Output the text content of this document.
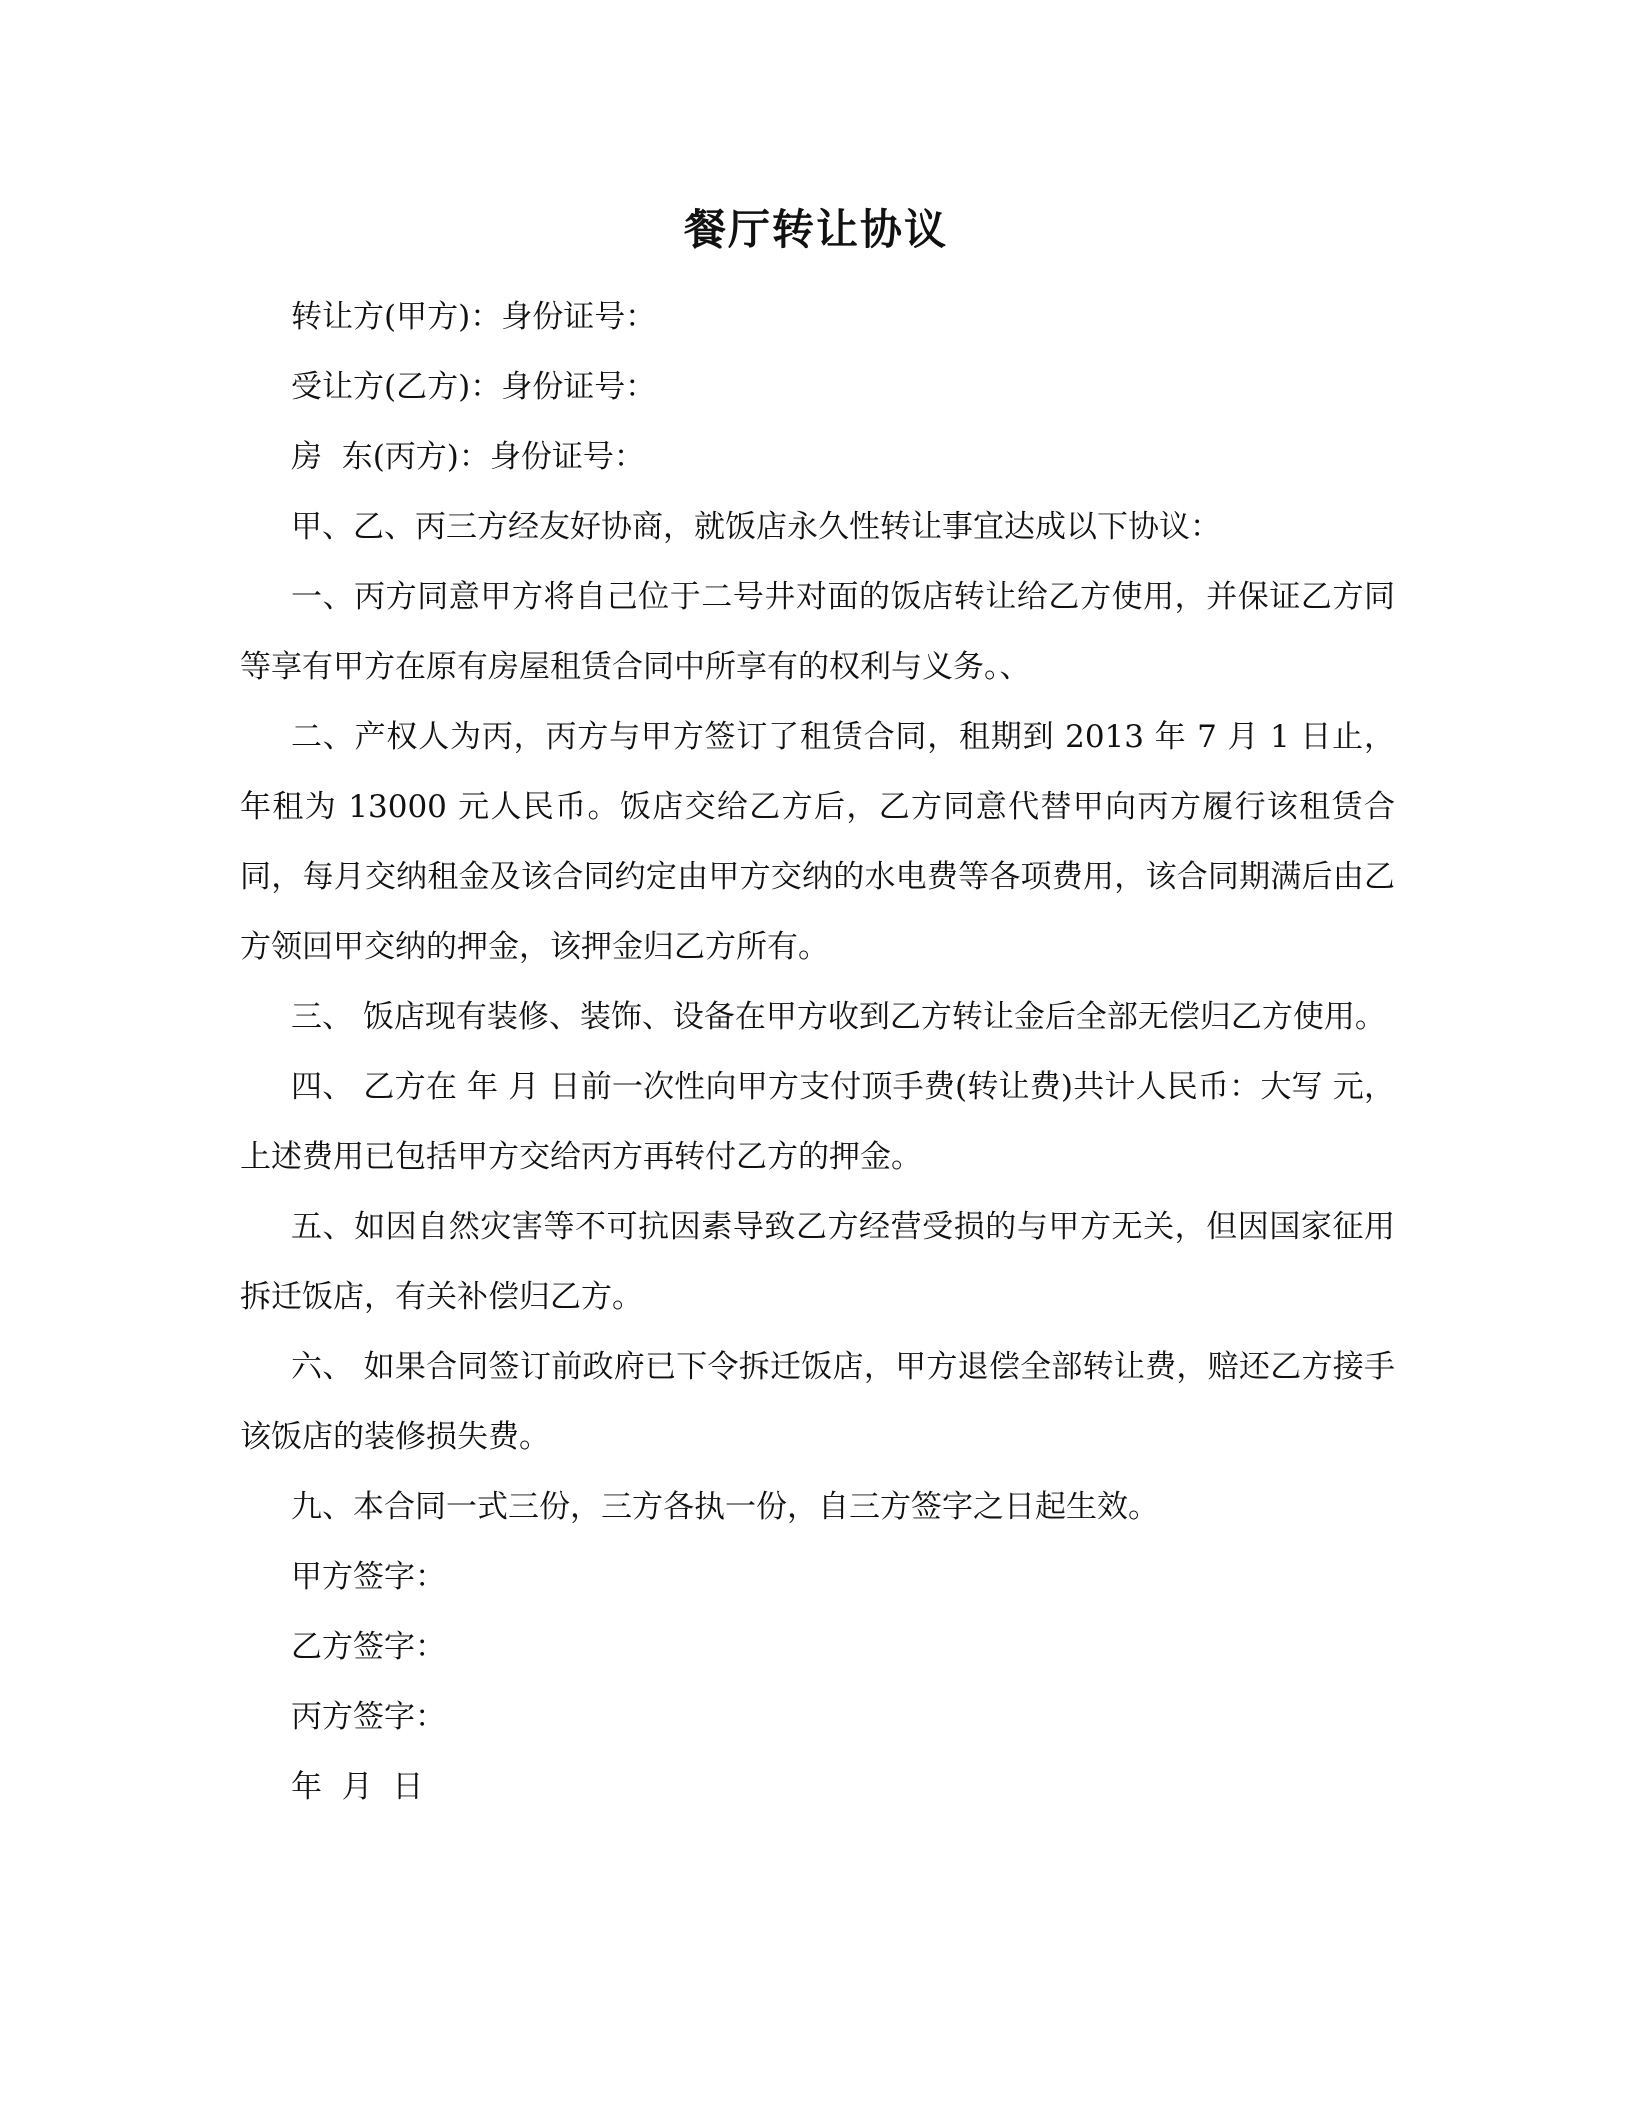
餐厅转让协议

转让方(甲方)：身份证号：

受让方(乙方)：身份证号：

房  东(丙方)：身份证号：

甲、乙、丙三方经友好协商，就饭店永久性转让事宜达成以下协议：

一、丙方同意甲方将自己位于二号井对面的饭店转让给乙方使用，并保证乙方同等享有甲方在原有房屋租赁合同中所享有的权利与义务。、

二、产权人为丙，丙方与甲方签订了租赁合同，租期到 2013 年 7 月 1 日止，年租为 13000 元人民币。饭店交给乙方后，乙方同意代替甲向丙方履行该租赁合同，每月交纳租金及该合同约定由甲方交纳的水电费等各项费用，该合同期满后由乙方领回甲交纳的押金，该押金归乙方所有。

三、 饭店现有装修、装饰、设备在甲方收到乙方转让金后全部无偿归乙方使用。

四、 乙方在 年 月 日前一次性向甲方支付顶手费(转让费)共计人民币：大写 元，上述费用已包括甲方交给丙方再转付乙方的押金。

五、如因自然灾害等不可抗因素导致乙方经营受损的与甲方无关，但因国家征用拆迁饭店，有关补偿归乙方。

六、 如果合同签订前政府已下令拆迁饭店，甲方退偿全部转让费，赔还乙方接手该饭店的装修损失费。

九、本合同一式三份，三方各执一份，自三方签字之日起生效。

甲方签字：

乙方签字：

丙方签字：

年  月  日
